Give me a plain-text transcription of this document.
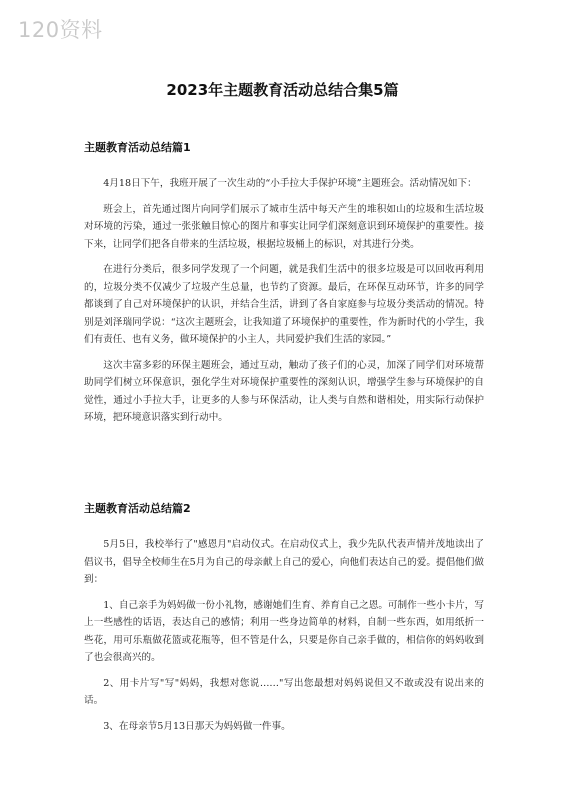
120资料
2023年主题教育活动总结合集5篇
主题教育活动总结篇1

4月18日下午，我班开展了一次生动的“小手拉大手保护环境”主题班会。活动情况如下：

班会上，首先通过图片向同学们展示了城市生活中每天产生的堆积如山的垃圾和生活垃圾对环境的污染，通过一张张触目惊心的图片和事实让同学们深刻意识到环境保护的重要性。接下来，让同学们把各自带来的生活垃圾，根据垃圾桶上的标识，对其进行分类。

在进行分类后，很多同学发现了一个问题，就是我们生活中的很多垃圾是可以回收再利用的，垃圾分类不仅减少了垃圾产生总量，也节约了资源。最后，在环保互动环节，许多的同学都谈到了自己对环境保护的认识，并结合生活，讲到了各自家庭参与垃圾分类活动的情况。特别是刘泽瑞同学说：“这次主题班会，让我知道了环境保护的重要性，作为新时代的小学生，我们有责任、也有义务，做环境保护的小主人，共同爱护我们生活的家园。”

这次丰富多彩的环保主题班会，通过互动，触动了孩子们的心灵，加深了同学们对环境帮助同学们树立环保意识，强化学生对环境保护重要性的深刻认识，增强学生参与环境保护的自觉性，通过小手拉大手，让更多的人参与环保活动，让人类与自然和谐相处，用实际行动保护环境，把环境意识落实到行动中。

主题教育活动总结篇2

5月5日，我校举行了"感恩月"启动仪式。在启动仪式上，我少先队代表声情并茂地读出了倡议书，倡导全校师生在5月为自己的母亲献上自己的爱心，向他们表达自己的爱。提倡他们做到：

1、自己亲手为妈妈做一份小礼物，感谢她们生育、养育自己之恩。可制作一些小卡片，写上一些感性的话语，表达自己的感情；利用一些身边简单的材料，自制一些东西，如用纸折一些花，用可乐瓶做花篮或花瓶等，但不管是什么，只要是你自己亲手做的，相信你的妈妈收到了也会很高兴的。

2、用卡片写"写"妈妈，我想对您说……"写出您最想对妈妈说但又不敢或没有说出来的话。

3、在母亲节5月13日那天为妈妈做一件事。
